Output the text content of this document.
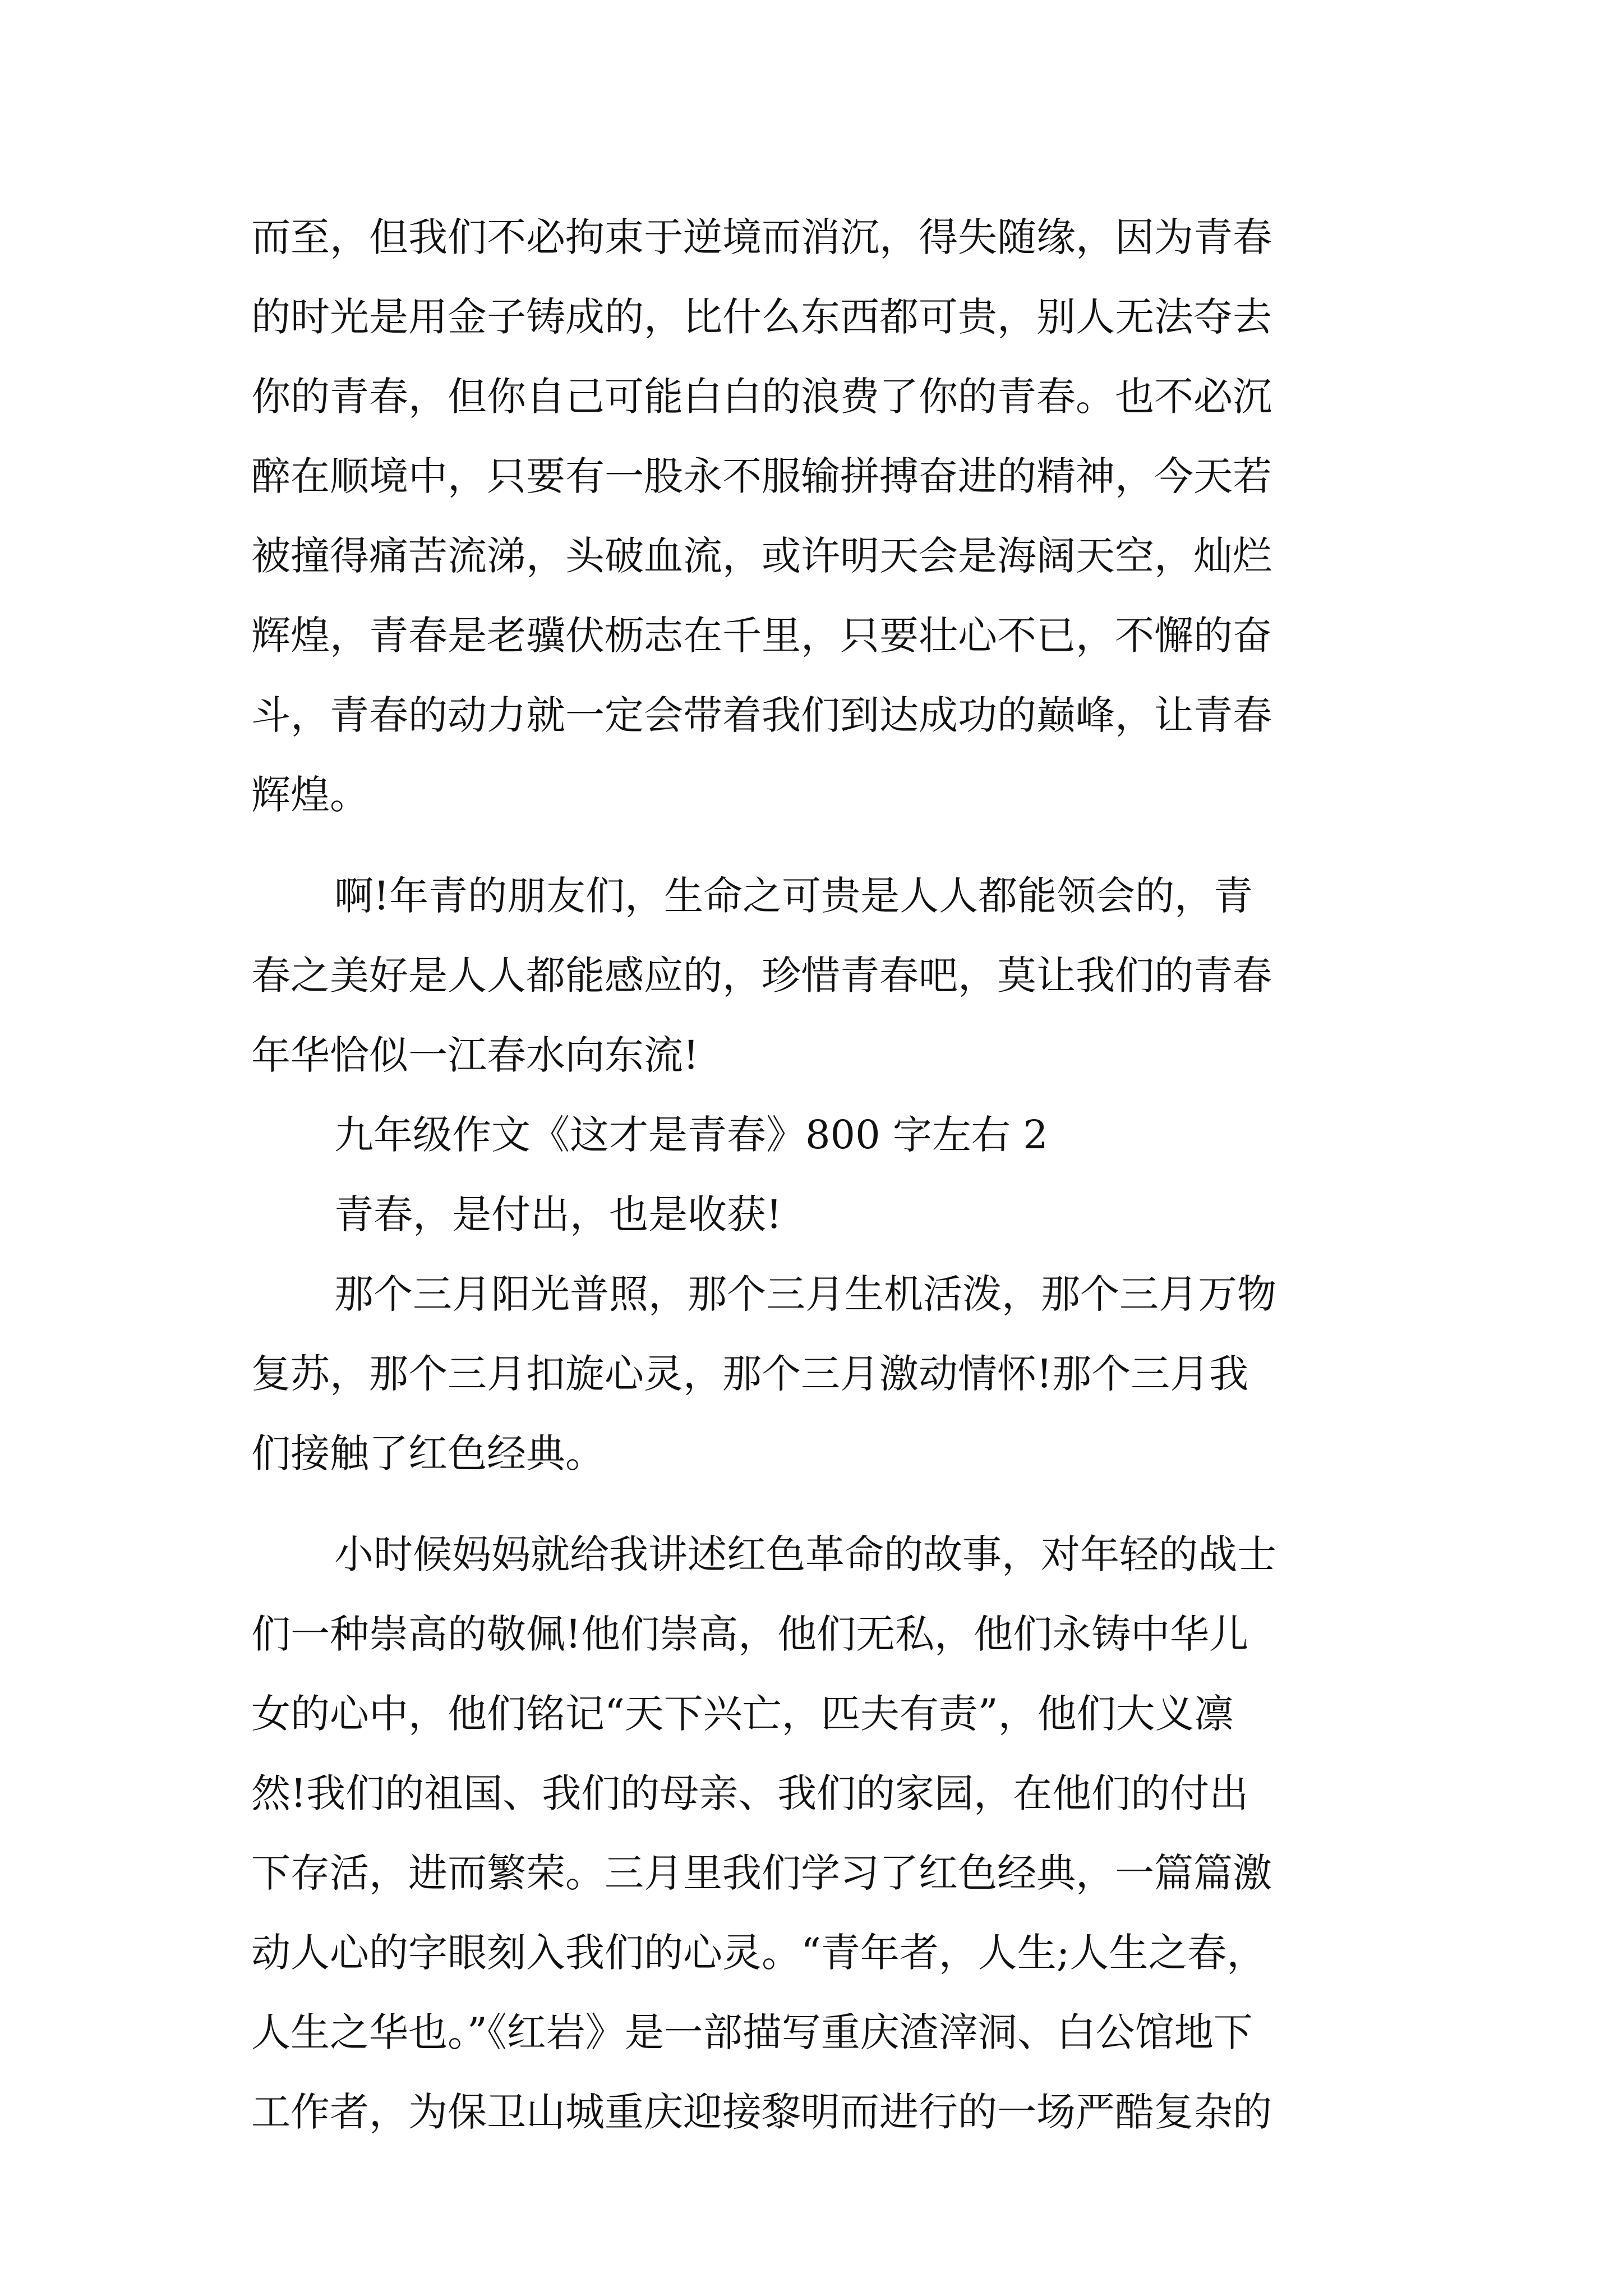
而至，但我们不必拘束于逆境而消沉，得失随缘，因为青春
的时光是用金子铸成的，比什么东西都可贵，别人无法夺去
你的青春，但你自己可能白白的浪费了你的青春。也不必沉
醉在顺境中，只要有一股永不服输拼搏奋进的精神，今天若
被撞得痛苦流涕，头破血流，或许明天会是海阔天空，灿烂
辉煌，青春是老骥伏枥志在千里，只要壮心不已，不懈的奋
斗，青春的动力就一定会带着我们到达成功的巅峰，让青春
辉煌。
啊!年青的朋友们，生命之可贵是人人都能领会的，青
春之美好是人人都能感应的，珍惜青春吧，莫让我们的青春
年华恰似一江春水向东流!
九年级作文《这才是青春》800 字左右 2
青春，是付出，也是收获!
那个三月阳光普照，那个三月生机活泼，那个三月万物
复苏，那个三月扣旋心灵，那个三月激动情怀!那个三月我
们接触了红色经典。
小时候妈妈就给我讲述红色革命的故事，对年轻的战士
们一种崇高的敬佩!他们崇高，他们无私，他们永铸中华儿
女的心中，他们铭记“天下兴亡，匹夫有责”，他们大义凛
然!我们的祖国、我们的母亲、我们的家园，在他们的付出
下存活，进而繁荣。三月里我们学习了红色经典，一篇篇激
动人心的字眼刻入我们的心灵。“青年者，人生;人生之春，
人生之华也。”《红岩》是一部描写重庆渣滓洞、白公馆地下
工作者，为保卫山城重庆迎接黎明而进行的一场严酷复杂的
